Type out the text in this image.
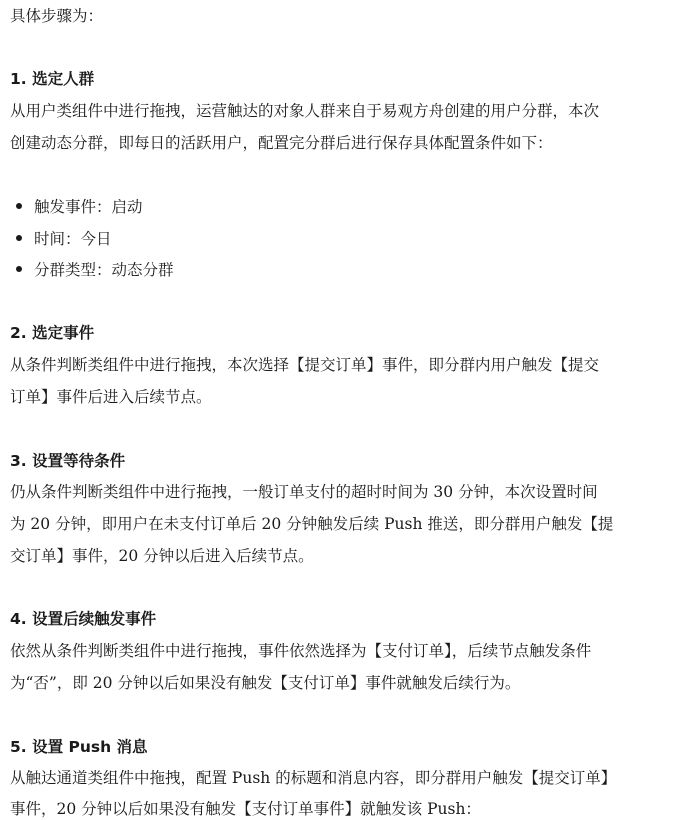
具体步骤为：
1. 选定人群
从用户类组件中进行拖拽，运营触达的对象人群来自于易观方舟创建的用户分群，本次
创建动态分群，即每日的活跃用户，配置完分群后进行保存具体配置条件如下：
触发事件：启动
时间：今日
分群类型：动态分群
2. 选定事件
从条件判断类组件中进行拖拽，本次选择【提交订单】事件，即分群内用户触发【提交
订单】事件后进入后续节点。
3. 设置等待条件
仍从条件判断类组件中进行拖拽，一般订单支付的超时时间为 30 分钟，本次设置时间
为 20 分钟，即用户在未支付订单后 20 分钟触发后续 Push 推送，即分群用户触发【提
交订单】事件，20 分钟以后进入后续节点。
4. 设置后续触发事件
依然从条件判断类组件中进行拖拽，事件依然选择为【支付订单】，后续节点触发条件
为“否”，即 20 分钟以后如果没有触发【支付订单】事件就触发后续行为。
5. 设置 Push 消息
从触达通道类组件中拖拽，配置 Push 的标题和消息内容，即分群用户触发【提交订单】
事件，20 分钟以后如果没有触发【支付订单事件】就触发该 Push：
